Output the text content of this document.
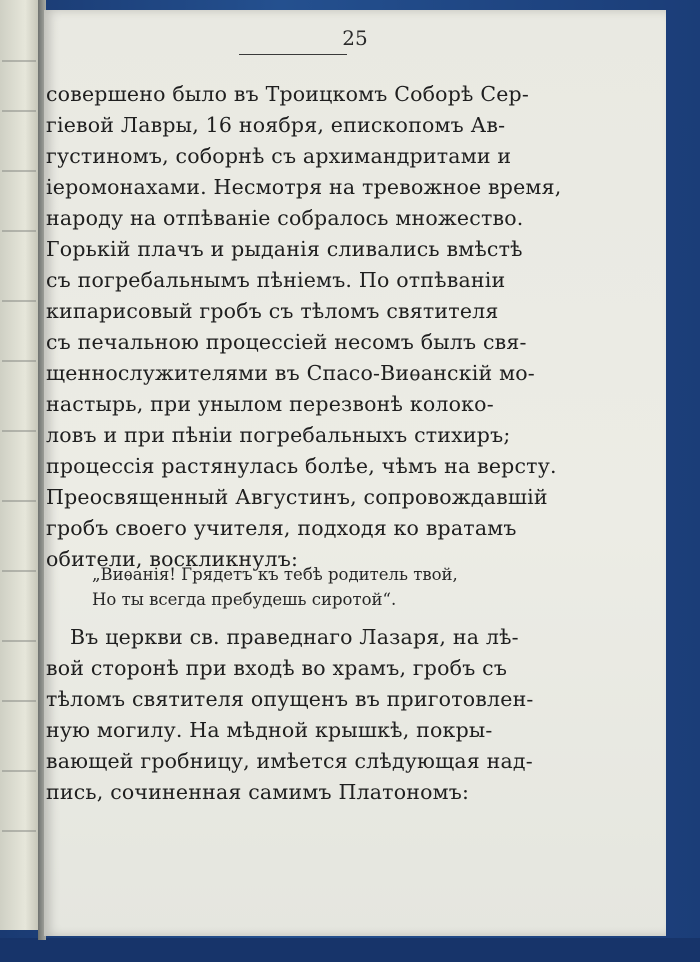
25
совершено было въ Троицкомъ Соборѣ Сер-
гiевой Лавры, 16 ноября, епископомъ Ав-
густиномъ, соборнѣ съ архимандритами и
iеромонахами. Несмотря на тревожное время,
народу на отпѣванiе собралось множество.
Горькiй плачъ и рыданiя сливались вмѣстѣ
съ погребальнымъ пѣнiемъ. По отпѣванiи
кипарисовый гробъ съ тѣломъ святителя
съ печальною процессiей несомъ былъ свя-
щеннослужителями въ Спасо-Виѳанскiй мо-
настырь, при унылом перезвонѣ колоко-
ловъ и при пѣнiи погребальныхъ стихиръ;
процессiя растянулась болѣе, чѣмъ на версту.
Преосвященный Августинъ, сопровождавшiй
гробъ своего учителя, подходя ко вратамъ
обители, воскликнулъ:
„Виѳанiя! Грядетъ къ тебѣ родитель твой,
Но ты всегда пребудешь сиротой“.
Въ церкви св. праведнаго Лазаря, на лѣ-
вой сторонѣ при входѣ во храмъ, гробъ съ
тѣломъ святителя опущенъ въ приготовлен-
ную могилу. На мѣдной крышкѣ, покры-
вающей гробницу, имѣется слѣдующая над-
пись, сочиненная самимъ Платономъ:
